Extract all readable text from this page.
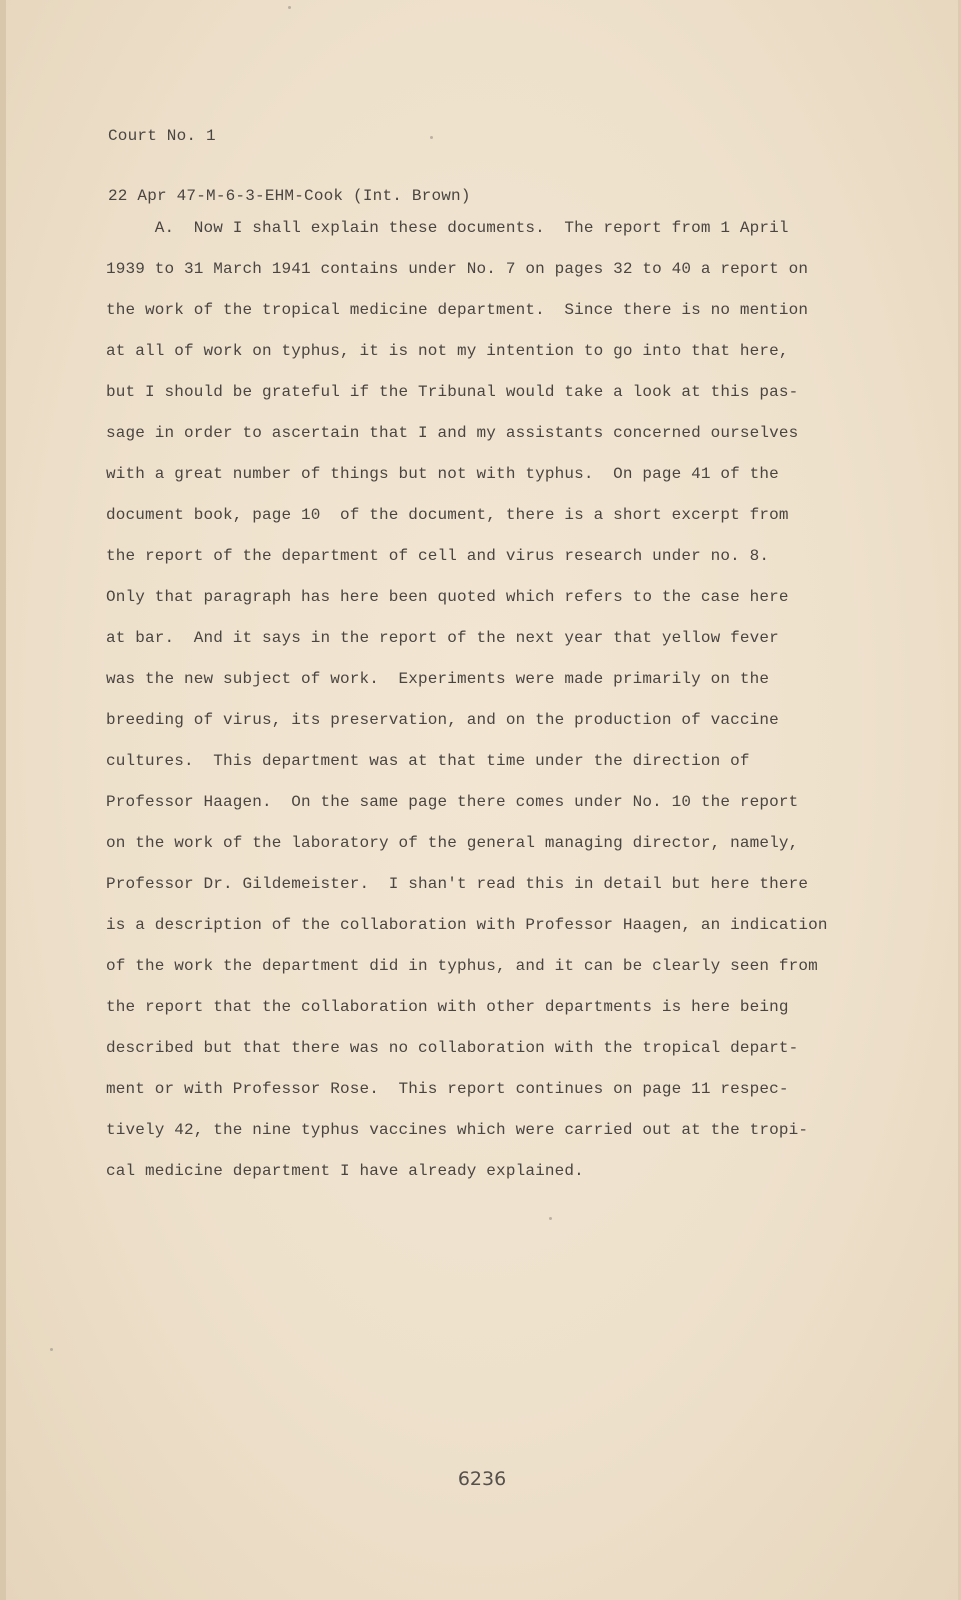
Court No. 1

22 Apr 47-M-6-3-EHM-Cook (Int. Brown)

A.  Now I shall explain these documents.  The report from 1 April
1939 to 31 March 1941 contains under No. 7 on pages 32 to 40 a report on
the work of the tropical medicine department.  Since there is no mention
at all of work on typhus, it is not my intention to go into that here,
but I should be grateful if the Tribunal would take a look at this pas-
sage in order to ascertain that I and my assistants concerned ourselves
with a great number of things but not with typhus.  On page 41 of the
document book, page 10  of the document, there is a short excerpt from
the report of the department of cell and virus research under no. 8.
Only that paragraph has here been quoted which refers to the case here
at bar.  And it says in the report of the next year that yellow fever
was the new subject of work.  Experiments were made primarily on the
breeding of virus, its preservation, and on the production of vaccine
cultures.  This department was at that time under the direction of
Professor Haagen.  On the same page there comes under No. 10 the report
on the work of the laboratory of the general managing director, namely,
Professor Dr. Gildemeister.  I shan't read this in detail but here there
is a description of the collaboration with Professor Haagen, an indication
of the work the department did in typhus, and it can be clearly seen from
the report that the collaboration with other departments is here being
described but that there was no collaboration with the tropical depart-
ment or with Professor Rose.  This report continues on page 11 respec-
tively 42, the nine typhus vaccines which were carried out at the tropi-
cal medicine department I have already explained.
6236
